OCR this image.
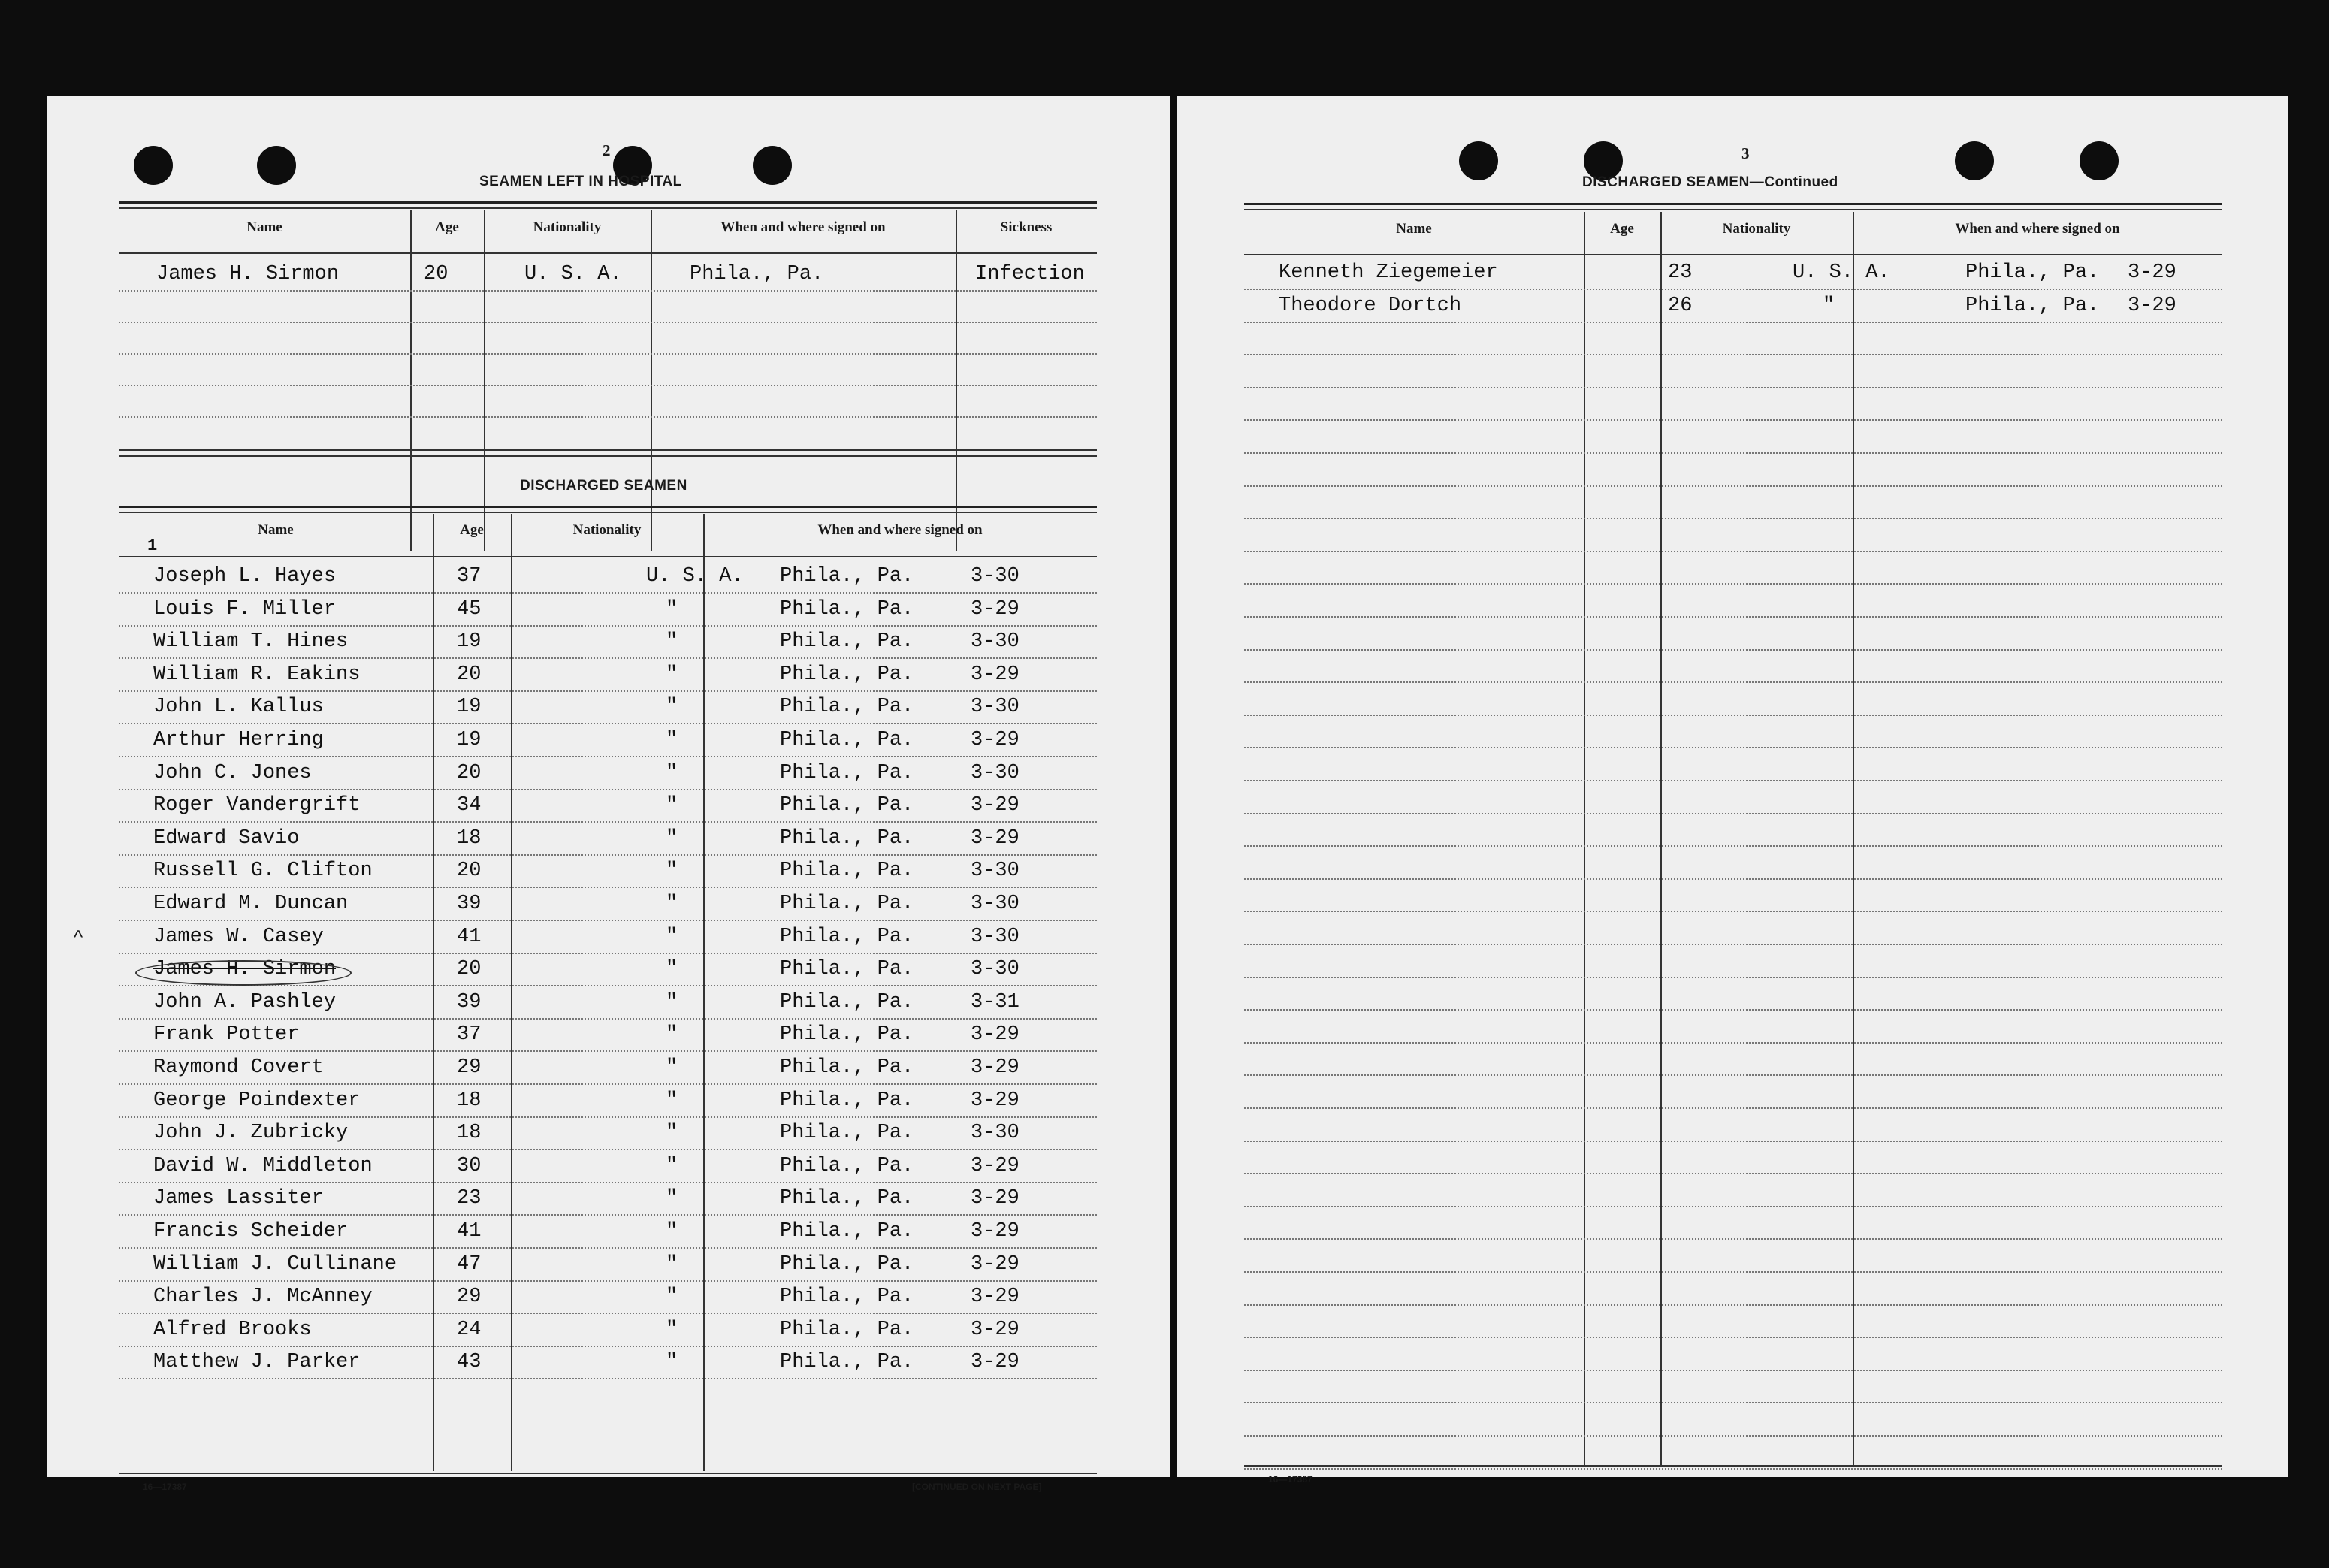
2
SEAMEN LEFT IN HOSPITAL
Name	Age	Nationality	When and where signed on	Sickness
James H. Sirmon	20	U. S. A.	Phila., Pa.	Infection
DISCHARGED SEAMEN
Name	Age	Nationality	When and where signed on
1
Joseph L. Hayes	37	U. S. A. Phila., Pa.	3-30
Louis F. Miller	45	"	Phila., Pa.	3-29
William T. Hines	19	"	Phila., Pa.	3-30
William R. Eakins	20	"	Phila., Pa.	3-29
John L. Kallus	19	"	Phila., Pa.	3-30
Arthur Herring	19	"	Phila., Pa.	3-29
John C. Jones	20	"	Phila., Pa.	3-30
Roger Vandergrift	34	"	Phila., Pa.	3-29
Edward Savio	18	"	Phila., Pa.	3-29
Russell G. Clifton	20	"	Phila., Pa.	3-30
Edward M. Duncan	39	"	Phila., Pa.	3-30
James W. Casey	41	"	Phila., Pa.	3-30
James H. Sirmon	20	"	Phila., Pa.	3-30
John A. Pashley	39	"	Phila., Pa.	3-31
Frank Potter	37	"	Phila., Pa.	3-29
Raymond Covert	29	"	Phila., Pa.	3-29
George Poindexter	18	"	Phila., Pa.	3-29
John J. Zubricky	18	"	Phila., Pa.	3-30
David W. Middleton	30	"	Phila., Pa.	3-29
James Lassiter	23	"	Phila., Pa.	3-29
Francis Scheider	41	"	Phila., Pa.	3-29
William J. Cullinane	47	"	Phila., Pa.	3-29
Charles J. McAnney	29	"	Phila., Pa.	3-29
Alfred Brooks	24	"	Phila., Pa.	3-29
Matthew J. Parker	43	"	Phila., Pa.	3-29
^
16—17387	[CONTINUED ON NEXT PAGE]
3
DISCHARGED SEAMEN—Continued
Name	Age	Nationality	When and where signed on
Kenneth Ziegemeier	23	U. S. A.	Phila., Pa. 3-29
Theodore Dortch	26	"	Phila., Pa. 3-29
16—17387
